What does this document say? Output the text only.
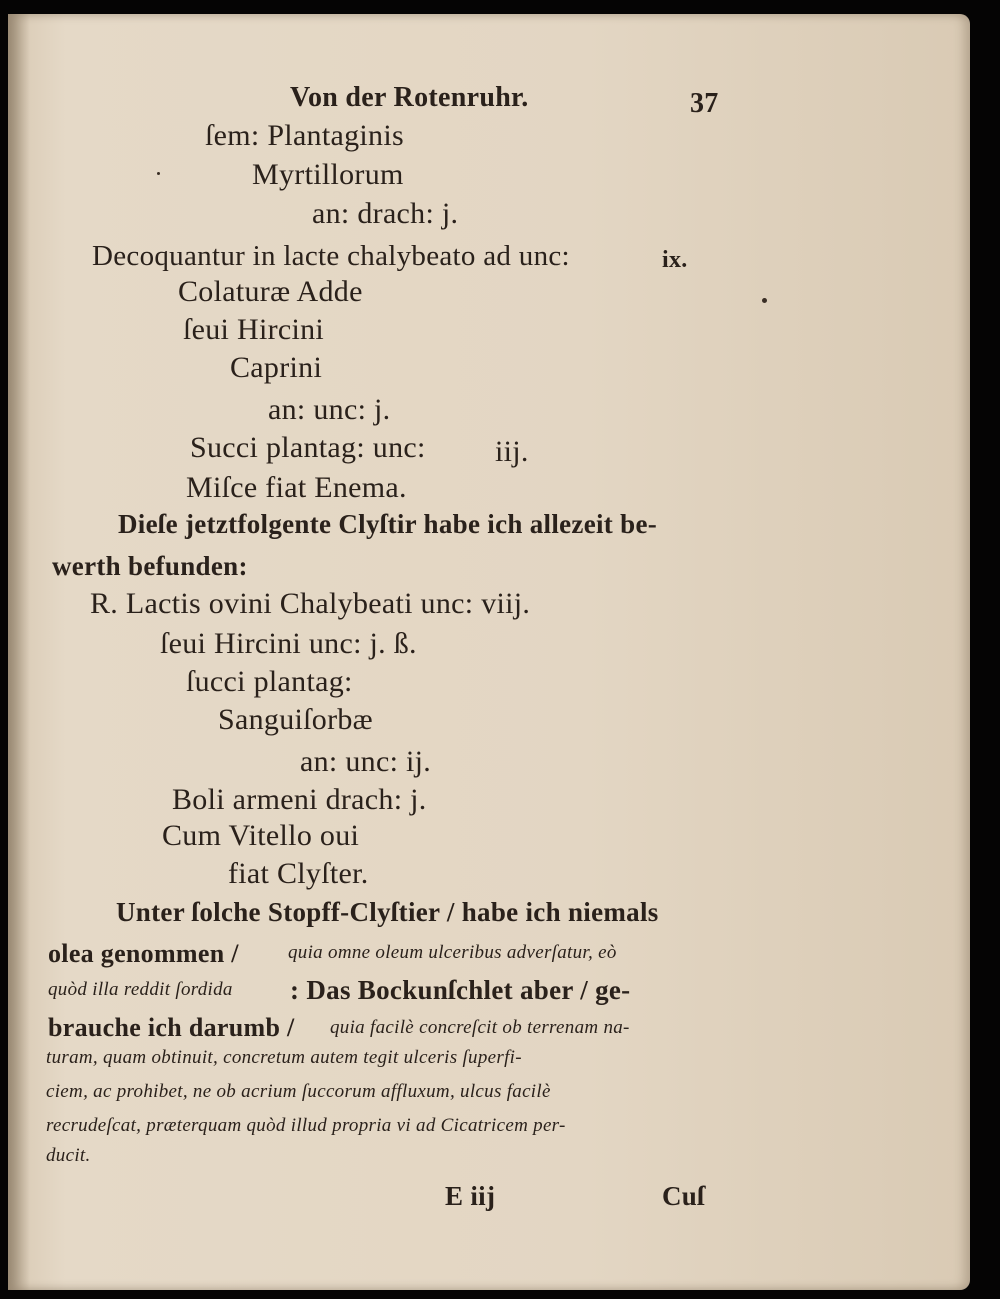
Von der Rotenruhr.	37
ſem: Plantaginis
Myrtillorum
an: drach: j.
Decoquantur in lacte chalybeato ad unc:	ix.
Colaturæ Adde
ſeui Hircini
Caprini
an: unc: j.
Succi plantag: unc: iij.
Miſce fiat Enema.
Dieſe jetztfolgente Clyſtir habe ich allezeit be-
werth befunden:
R. Lactis ovini Chalybeati unc: viij.
ſeui Hircini unc: j. ß.
ſucci plantag:
Sanguiſorbæ
an: unc: ij.
Boli armeni drach: j.
Cum Vitello oui
fiat Clyſter.
Unter ſolche Stopff-Clyſtier / habe ich niemals
olea genommen /	quia omne oleum ulceribus adverſatur, eò
quòd illa reddit ſordida : Das Bockunſchlet aber / ge-
brauche ich darumb / quia facilè concreſcit ob terrenam na-
turam, quam obtinuit, concretum autem tegit ulceris ſuperfi-
ciem, ac prohibet, ne ob acrium ſuccorum affluxum, ulcus facilè
recrudeſcat, præterquam quòd illud propria vi ad Cicatricem per-
ducit.
E iij	Cuſ
